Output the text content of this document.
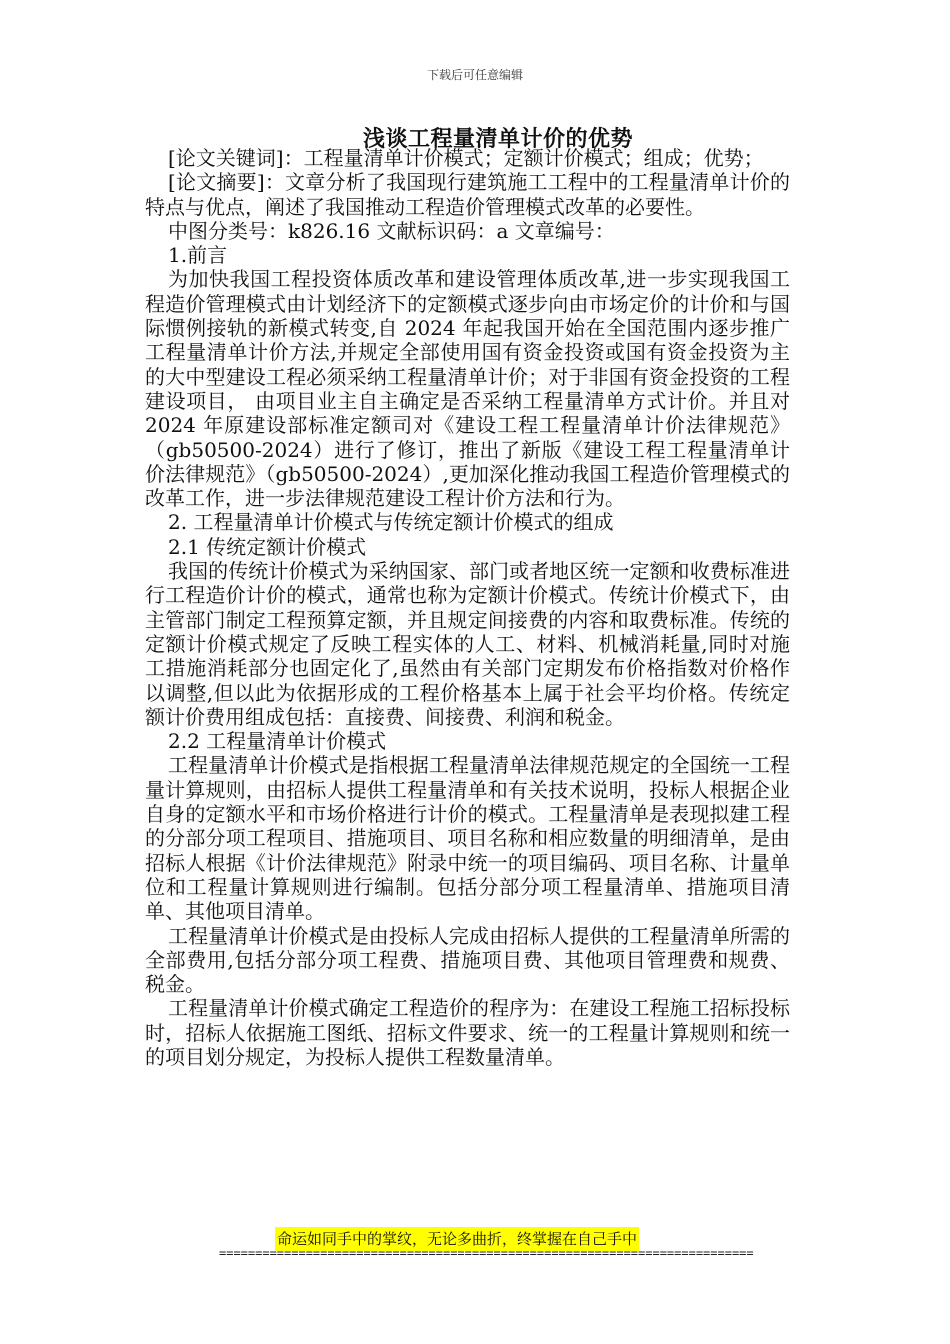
下载后可任意编辑
浅谈工程量清单计价的优势

[论文关键词]：工程量清单计价模式；定额计价模式；组成；优势；

[论文摘要]：文章分析了我国现行建筑施工工程中的工程量清单计价的特点与优点，阐述了我国推动工程造价管理模式改革的必要性。

中图分类号：k826.16 文献标识码：a 文章编号：

1.前言

为加快我国工程投资体质改革和建设管理体质改革,进一步实现我国工程造价管理模式由计划经济下的定额模式逐步向由市场定价的计价和与国际惯例接轨的新模式转变,自 2024 年起我国开始在全国范围内逐步推广工程量清单计价方法,并规定全部使用国有资金投资或国有资金投资为主的大中型建设工程必须采纳工程量清单计价；对于非国有资金投资的工程建设项目， 由项目业主自主确定是否采纳工程量清单方式计价。并且对 2024 年原建设部标准定额司对《建设工程工程量清单计价法律规范》（gb50500-2024）进行了修订，推出了新版《建设工程工程量清单计价法律规范》（gb50500-2024）,更加深化推动我国工程造价管理模式的改革工作，进一步法律规范建设工程计价方法和行为。

2. 工程量清单计价模式与传统定额计价模式的组成

2.1 传统定额计价模式

我国的传统计价模式为采纳国家、部门或者地区统一定额和收费标准进行工程造价计价的模式，通常也称为定额计价模式。传统计价模式下，由主管部门制定工程预算定额，并且规定间接费的内容和取费标准。传统的定额计价模式规定了反映工程实体的人工、材料、机械消耗量,同时对施工措施消耗部分也固定化了,虽然由有关部门定期发布价格指数对价格作以调整,但以此为依据形成的工程价格基本上属于社会平均价格。传统定额计价费用组成包括：直接费、间接费、利润和税金。

2.2 工程量清单计价模式

工程量清单计价模式是指根据工程量清单法律规范规定的全国统一工程量计算规则，由招标人提供工程量清单和有关技术说明，投标人根据企业自身的定额水平和市场价格进行计价的模式。工程量清单是表现拟建工程的分部分项工程项目、措施项目、项目名称和相应数量的明细清单，是由招标人根据《计价法律规范》附录中统一的项目编码、项目名称、计量单位和工程量计算规则进行编制。包括分部分项工程量清单、措施项目清单、其他项目清单。

工程量清单计价模式是由投标人完成由招标人提供的工程量清单所需的全部费用,包括分部分项工程费、措施项目费、其他项目管理费和规费、税金。

工程量清单计价模式确定工程造价的程序为：在建设工程施工招标投标时，招标人依据施工图纸、招标文件要求、统一的工程量计算规则和统一的项目划分规定，为投标人提供工程数量清单。

命运如同手中的掌纹，无论多曲折，终掌握在自己手中
==========================================================================
